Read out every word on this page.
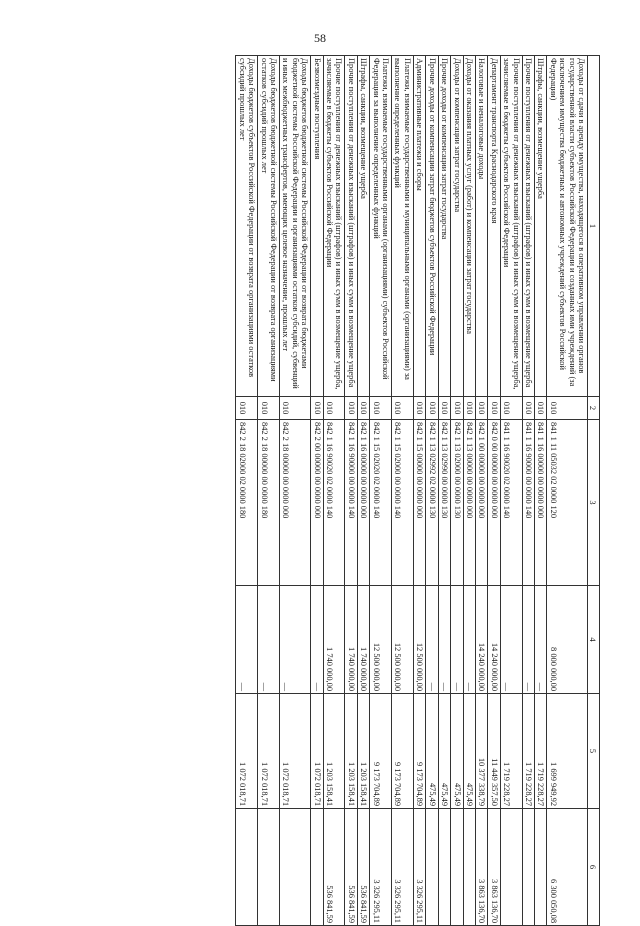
58
1	2	3	4	5	6
Доходы от сдачи в аренду имущества, находящегося в оперативном управлении органов государственной власти субъектов Российской Федерации и созданных ими учреждений (за исключением имущества бюджетных и автономных учреждений субъектов Российской Федерации)	010	841 1 11 05032 02 0000 120	8 000 000,00	1 699 949,92	6 300 050,08
Штрафы, санкции, возмещение ущерба	010	841 1 16 00000 00 0000 000	—	1 719 228,27	
Прочие поступления от денежных взысканий (штрафов) и иных сумм в возмещение ущерба	010	841 1 16 90000 00 0000 140	—	1 719 228,27	
Прочие поступления от денежных взысканий (штрафов) и иных сумм в возмещение ущерба, зачисляемые в бюджеты субъектов Российской Федерации	010	841 1 16 90020 02 0000 140	—	1 719 228,27	
Департамент транспорта Краснодарского края	010	842 0 00 00000 00 0000 000	14 240 000,00	11 449 357,50	3 863 136,70
Налоговые и неналоговые доходы	010	842 1 00 00000 00 0000 000	14 240 000,00	10 377 338,79	3 863 136,70
Доходы от оказания платных услуг (работ) и компенсации затрат государства	010	842 1 13 00000 00 0000 000	—	475,49	
Доходы от компенсации затрат государства	010	842 1 13 02000 00 0000 130	—	475,49	
Прочие доходы от компенсации затрат государства	010	842 1 13 02990 00 0000 130	—	475,49	
Прочие доходы от компенсации затрат бюджетов субъектов Российской Федерации	010	842 1 13 02992 02 0000 130	—	475,49	
Административные платежи и сборы	010	842 1 15 00000 00 0000 000	12 500 000,00	9 173 704,89	3 326 295,11
Платежи, взимаемые государственными и муниципальными органами (организациями) за выполнение определенных функций	010	842 1 15 02000 00 0000 140	12 500 000,00	9 173 704,89	3 326 295,11
Платежи, взимаемые государственными органами (организациями) субъектов Российской Федерации за выполнение определенных функций	010	842 1 15 02020 02 0000 140	12 500 000,00	9 173 704,89	3 326 295,11
Штрафы, санкции, возмещение ущерба	010	842 1 16 00000 00 0000 000	1 740 000,00	1 203 158,41	536 841,59
Прочие поступления от денежных взысканий (штрафов) и иных сумм в возмещение ущерба	010	842 1 16 90000 00 0000 140	1 740 000,00	1 203 158,41	536 841,59
Прочие поступления от денежных взысканий (штрафов) и иных сумм в возмещение ущерба, зачисляемые в бюджеты субъектов Российской Федерации	010	842 1 16 90020 02 0000 140	1 740 000,00	1 203 158,41	536 841,59
Безвозмездные поступления	010	842 2 00 00000 00 0000 000	—	1 072 018,71	
Доходы бюджетов бюджетной системы Российской Федерации от возврата бюджетами бюджетной системы Российской Федерации и организациями остатков субсидий, субвенций и иных межбюджетных трансфертов, имеющих целевое назначение, прошлых лет	010	842 2 18 00000 00 0000 000	—	1 072 018,71	
Доходы бюджетов бюджетной системы Российской Федерации от возврата организациями остатков субсидий прошлых лет	010	842 2 18 00000 00 0000 180	—	1 072 018,71	
Доходы бюджетов субъектов Российской Федерации от возврата организациями остатков субсидий прошлых лет	010	842 2 18 02000 02 0000 180	—	1 072 018,71	
